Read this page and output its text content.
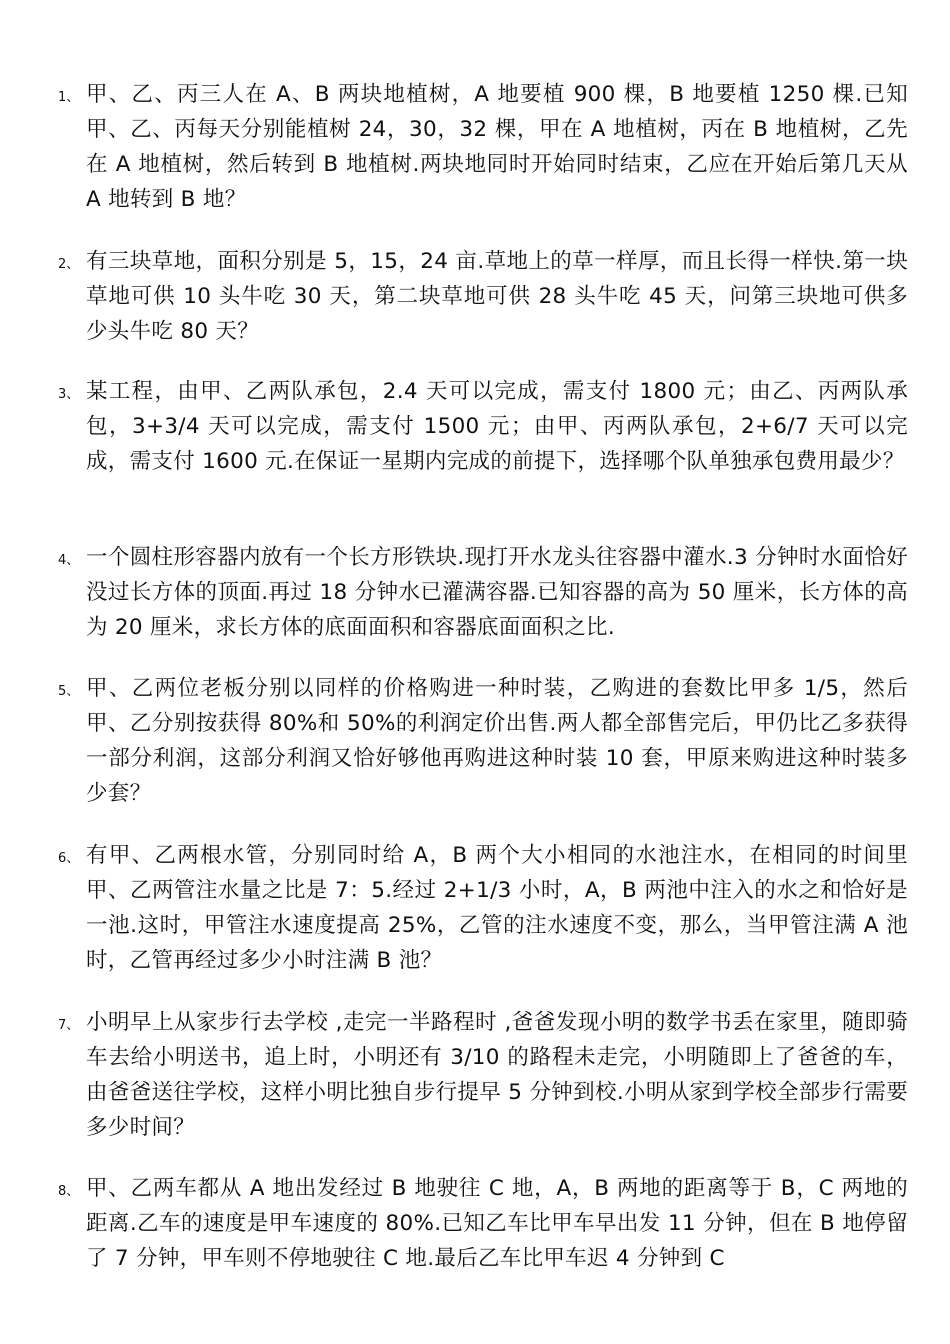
1、 甲、乙、丙三人在 A、B 两块地植树，A 地要植 900 棵，B 地要植 1250 棵.已知甲、乙、丙每天分别能植树 24，30，32 棵，甲在 A 地植树，丙在 B 地植树，乙先在 A 地植树，然后转到 B 地植树.两块地同时开始同时结束，乙应在开始后第几天从 A 地转到 B 地？
2、 有三块草地，面积分别是 5，15，24 亩.草地上的草一样厚，而且长得一样快.第一块草地可供 10 头牛吃 30 天，第二块草地可供 28 头牛吃 45 天，问第三块地可供多少头牛吃 80 天？
3、 某工程，由甲、乙两队承包，2.4 天可以完成，需支付 1800 元；由乙、丙两队承包，3+3/4 天可以完成，需支付 1500 元；由甲、丙两队承包，2+6/7 天可以完成，需支付 1600 元.在保证一星期内完成的前提下，选择哪个队单独承包费用最少？
4、 一个圆柱形容器内放有一个长方形铁块.现打开水龙头往容器中灌水.3 分钟时水面恰好没过长方体的顶面.再过 18 分钟水已灌满容器.已知容器的高为 50 厘米，长方体的高为 20 厘米，求长方体的底面面积和容器底面面积之比.
5、 甲、乙两位老板分别以同样的价格购进一种时装，乙购进的套数比甲多 1/5，然后甲、乙分别按获得 80%和 50%的利润定价出售.两人都全部售完后，甲仍比乙多获得一部分利润，这部分利润又恰好够他再购进这种时装 10 套，甲原来购进这种时装多少套？
6、 有甲、乙两根水管，分别同时给 A，B 两个大小相同的水池注水，在相同的时间里甲、乙两管注水量之比是 7：5.经过 2+1/3 小时，A，B 两池中注入的水之和恰好是一池.这时，甲管注水速度提高 25%，乙管的注水速度不变，那么，当甲管注满 A 池时，乙管再经过多少小时注满 B 池？
7、 小明早上从家步行去学校 ,走完一半路程时 ,爸爸发现小明的数学书丢在家里，随即骑车去给小明送书，追上时，小明还有 3/10 的路程未走完，小明随即上了爸爸的车，由爸爸送往学校，这样小明比独自步行提早 5 分钟到校.小明从家到学校全部步行需要多少时间？
8、 甲、乙两车都从 A 地出发经过 B 地驶往 C 地，A，B 两地的距离等于 B，C 两地的距离.乙车的速度是甲车速度的 80%.已知乙车比甲车早出发 11 分钟，但在 B 地停留了 7 分钟，甲车则不停地驶往 C 地.最后乙车比甲车迟 4 分钟到 C
